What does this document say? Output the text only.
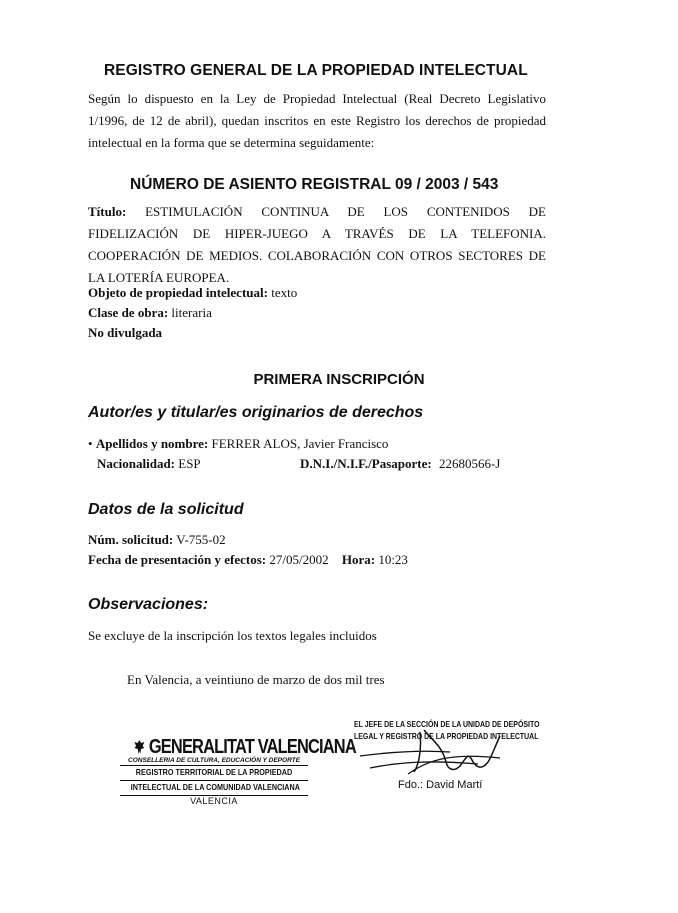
REGISTRO GENERAL DE LA PROPIEDAD INTELECTUAL
Según lo dispuesto en la Ley de Propiedad Intelectual (Real Decreto Legislativo 1/1996, de 12 de abril), quedan inscritos en este Registro los derechos de propiedad intelectual en la forma que se determina seguidamente:
NÚMERO DE ASIENTO REGISTRAL 09 / 2003 / 543
Título: ESTIMULACIÓN CONTINUA DE LOS CONTENIDOS DE FIDELIZACIÓN DE HIPER-JUEGO A TRAVÉS DE LA TELEFONIA. COOPERACIÓN DE MEDIOS. COLABORACIÓN CON OTROS SECTORES DE LA LOTERÍA EUROPEA.
Objeto de propiedad intelectual: texto
Clase de obra: literaria
No divulgada
PRIMERA INSCRIPCIÓN
Autor/es y titular/es originarios de derechos
• Apellidos y nombre: FERRER ALOS, Javier Francisco
Nacionalidad: ESP	D.N.I./N.I.F./Pasaporte: 22680566-J
Datos de la solicitud
Núm. solicitud: V-755-02
Fecha de presentación y efectos: 27/05/2002 Hora: 10:23
Observaciones:
Se excluye de la inscripción los textos legales incluidos
En Valencia, a veintiuno de marzo de dos mil tres
GENERALITAT VALENCIANA
CONSELLERIA DE CULTURA, EDUCACIÓN Y DEPORTE
REGISTRO TERRITORIAL DE LA PROPIEDAD
INTELECTUAL DE LA COMUNIDAD VALENCIANA
VALENCIA
EL JEFE DE LA SECCIÓN DE LA UNIDAD DE DEPÓSITO
LEGAL Y REGISTRO DE LA PROPIEDAD INTELECTUAL
Fdo.: David Martí
